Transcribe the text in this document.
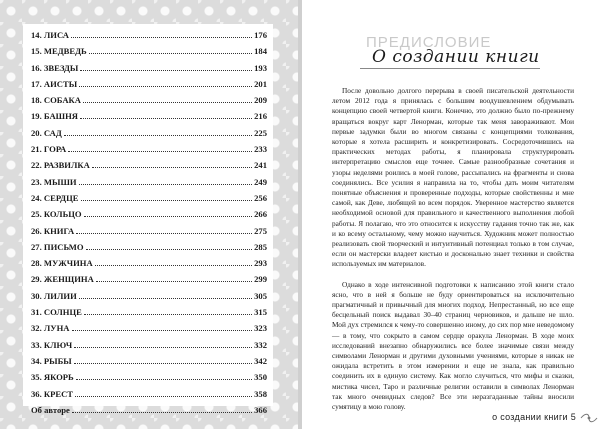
14. ЛИСА	176
15. МЕДВЕДЬ	184
16. ЗВЕЗДЫ	193
17. АИСТЫ	201
18. СОБАКА	209
19. БАШНЯ	216
20. САД	225
21. ГОРА	233
22. РАЗВИЛКА	241
23. МЫШИ	249
24. СЕРДЦЕ	256
25. КОЛЬЦО	266
26. КНИГА	275
27. ПИСЬМО	285
28. МУЖЧИНА	293
29. ЖЕНЩИНА	299
30. ЛИЛИИ	305
31. СОЛНЦЕ	315
32. ЛУНА	323
33. КЛЮЧ	332
34. РЫБЫ	342
35. ЯКОРЬ	350
36. КРЕСТ	358
Об авторе	366
ПРЕДИСЛОВИЕ
О создании книги

После довольно долгого перерыва в своей писательской деятельности летом 2012 года я принялась с большим воодушевлением обдумывать концепцию своей четвертой книги. Конечно, это должно было по-прежнему вращаться вокруг карт Ленорман, которые так меня завораживают. Мои первые задумки были во многом связаны с концепциями толкования, которые я хотела расширить и конкретизировать. Сосредоточившись на практических методах работы, я планировала структурировать интерпретацию смыслов еще точнее. Самые разнообразные сочетания и узоры неделями роились в моей голове, рассыпались на фрагменты и снова соединялись. Все усилия я направила на то, чтобы дать моим читателям понятные объяснения и проверенные подходы, которые свойственны и мне самой, как Деве, любящей во всем порядок. Уверенное мастерство является необходимой основой для правильного и качественного выполнения любой работы. Я полагаю, что это относится к искусству гадания точно так же, как и ко всему остальному, чему можно научиться. Художник может полностью реализовать свой творческий и интуитивный потенциал только в том случае, если он мастерски владеет кистью и досконально знает техники и свойства используемых им материалов.

Однако в ходе интенсивной подготовки к написанию этой книги стало ясно, что в ней я больше не буду ориентироваться на исключительно прагматичный и привычный для многих подход. Непрестанный, но все еще бесцельный поиск выдавал 30–40 страниц черновиков, и дальше не шло. Мой дух стремился к чему-то совершенно иному, до сих пор мне неведомому — в тому, что сокрыто в самом сердце оракула Ленорман. В ходе моих исследований внезапно обнаружились все более значимые связи между символами Ленорман и другими духовными учениями, которые я никак не ожидала встретить в этом измерении и еще не знала, как правильно соединить их в единую систему. Как могло случиться, что мифы и сказки, мистика чисел, Таро и различные религии оставили в символах Ленорман так много очевидных следов? Все эти неразгаданные тайны вносили сумятицу в мою голову.

о создании книги 5
